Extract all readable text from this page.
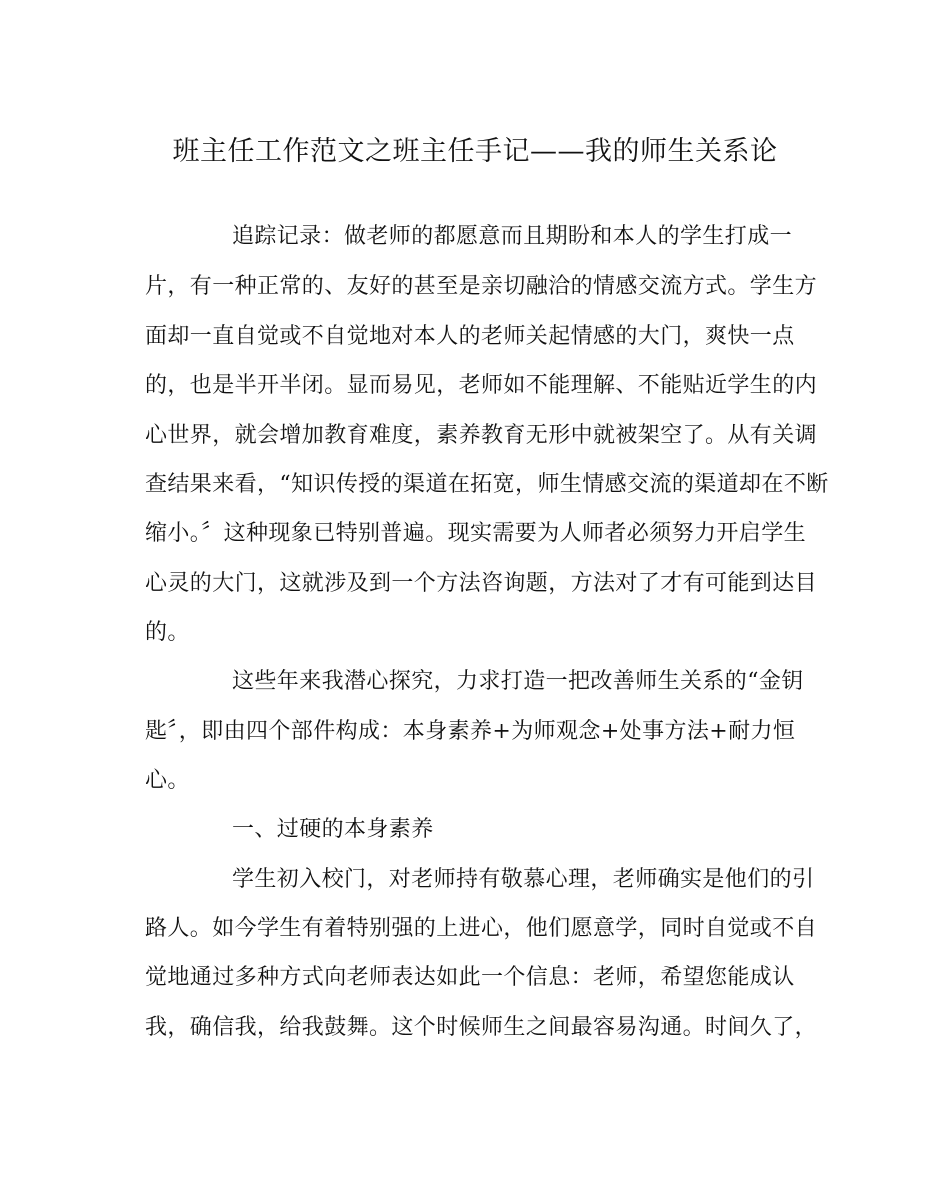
班主任工作范文之班主任手记——我的师生关系论
追踪记录：做老师的都愿意而且期盼和本人的学生打成一
片，有一种正常的、友好的甚至是亲切融洽的情感交流方式。学生方
面却一直自觉或不自觉地对本人的老师关起情感的大门，爽快一点
的，也是半开半闭。显而易见，老师如不能理解、不能贴近学生的内
心世界，就会增加教育难度，素养教育无形中就被架空了。从有关调
查结果来看，“知识传授的渠道在拓宽，师生情感交流的渠道却在不断
缩小。〞这种现象已特别普遍。现实需要为人师者必须努力开启学生
心灵的大门，这就涉及到一个方法咨询题，方法对了才有可能到达目
的。
这些年来我潜心探究，力求打造一把改善师生关系的“金钥
匙〞，即由四个部件构成：本身素养+为师观念+处事方法+耐力恒
心。
一、过硬的本身素养
学生初入校门，对老师持有敬慕心理，老师确实是他们的引
路人。如今学生有着特别强的上进心，他们愿意学，同时自觉或不自
觉地通过多种方式向老师表达如此一个信息：老师，希望您能成认
我，确信我，给我鼓舞。这个时候师生之间最容易沟通。时间久了，
